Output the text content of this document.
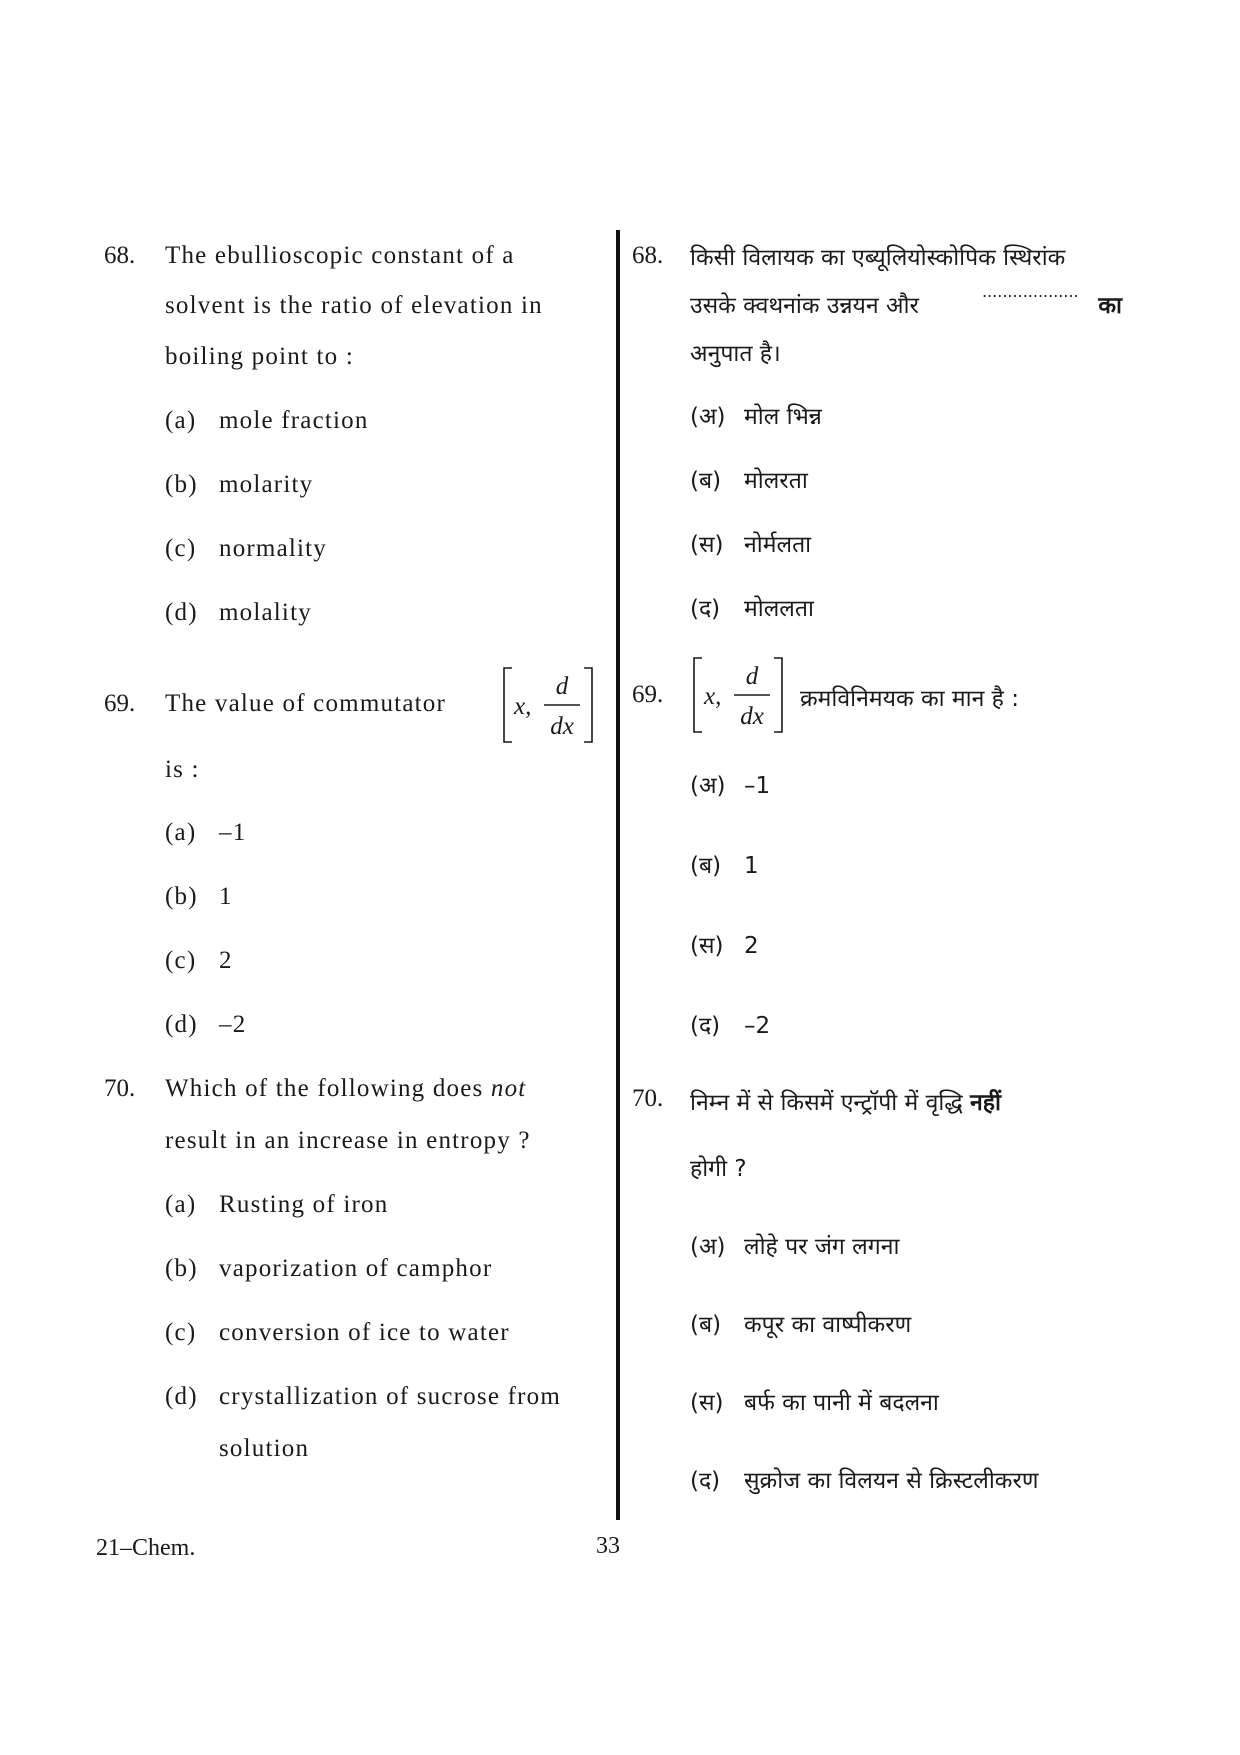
68. The ebullioscopic constant of a
solvent is the ratio of elevation in
boiling point to :
(a) mole fraction
(b) molarity
(c) normality
(d) molality
69. The value of commutator	x,
d
dx
is :
(a) –1
(b) 1
(c) 2
(d) –2
70. Which of the following does not
result in an increase in entropy ?
(a) Rusting of iron
(b) vaporization of camphor
(c) conversion of ice to water
(d) crystallization of sucrose from
solution
68. किसी विलायक का एब्यूलियोस्कोपिक स्थिरांक
उसके क्वथनांक उन्नयन और
...................
का
अनुपात है।
(अ) मोल भिन्न
(ब) मोलरता
(स) नोर्मलता
(द) मोललता
69. x,
d
dx
क्रमविनिमयक का मान है :
(अ) –1
(ब) 1
(स) 2
(द) –2
70. निम्न में से किसमें एन्ट्रॉपी में वृद्धि नहीं
होगी ?
(अ) लोहे पर जंग लगना
(ब) कपूर का वाष्पीकरण
(स) बर्फ का पानी में बदलना
(द) सुक्रोज का विलयन से क्रिस्टलीकरण
21–Chem.	33
